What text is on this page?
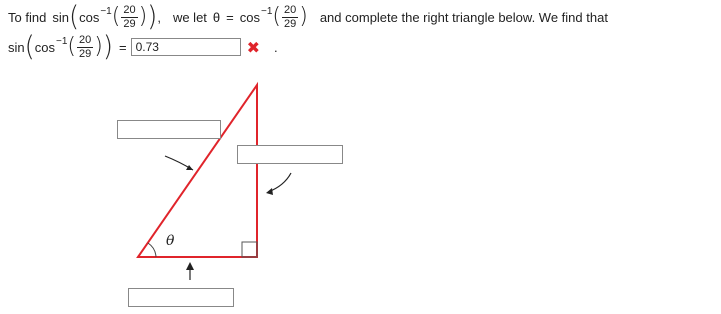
To find sin ( cos −1 ( $\frac{20}{29}$ ) ) , we let θ = cos −1 ( $\frac{20}{29}$ ) and complete the right triangle below. We find that
sin ( cos −1 ( $\frac{20}{29}$ ) ) = 0.73	✖ .
θ
